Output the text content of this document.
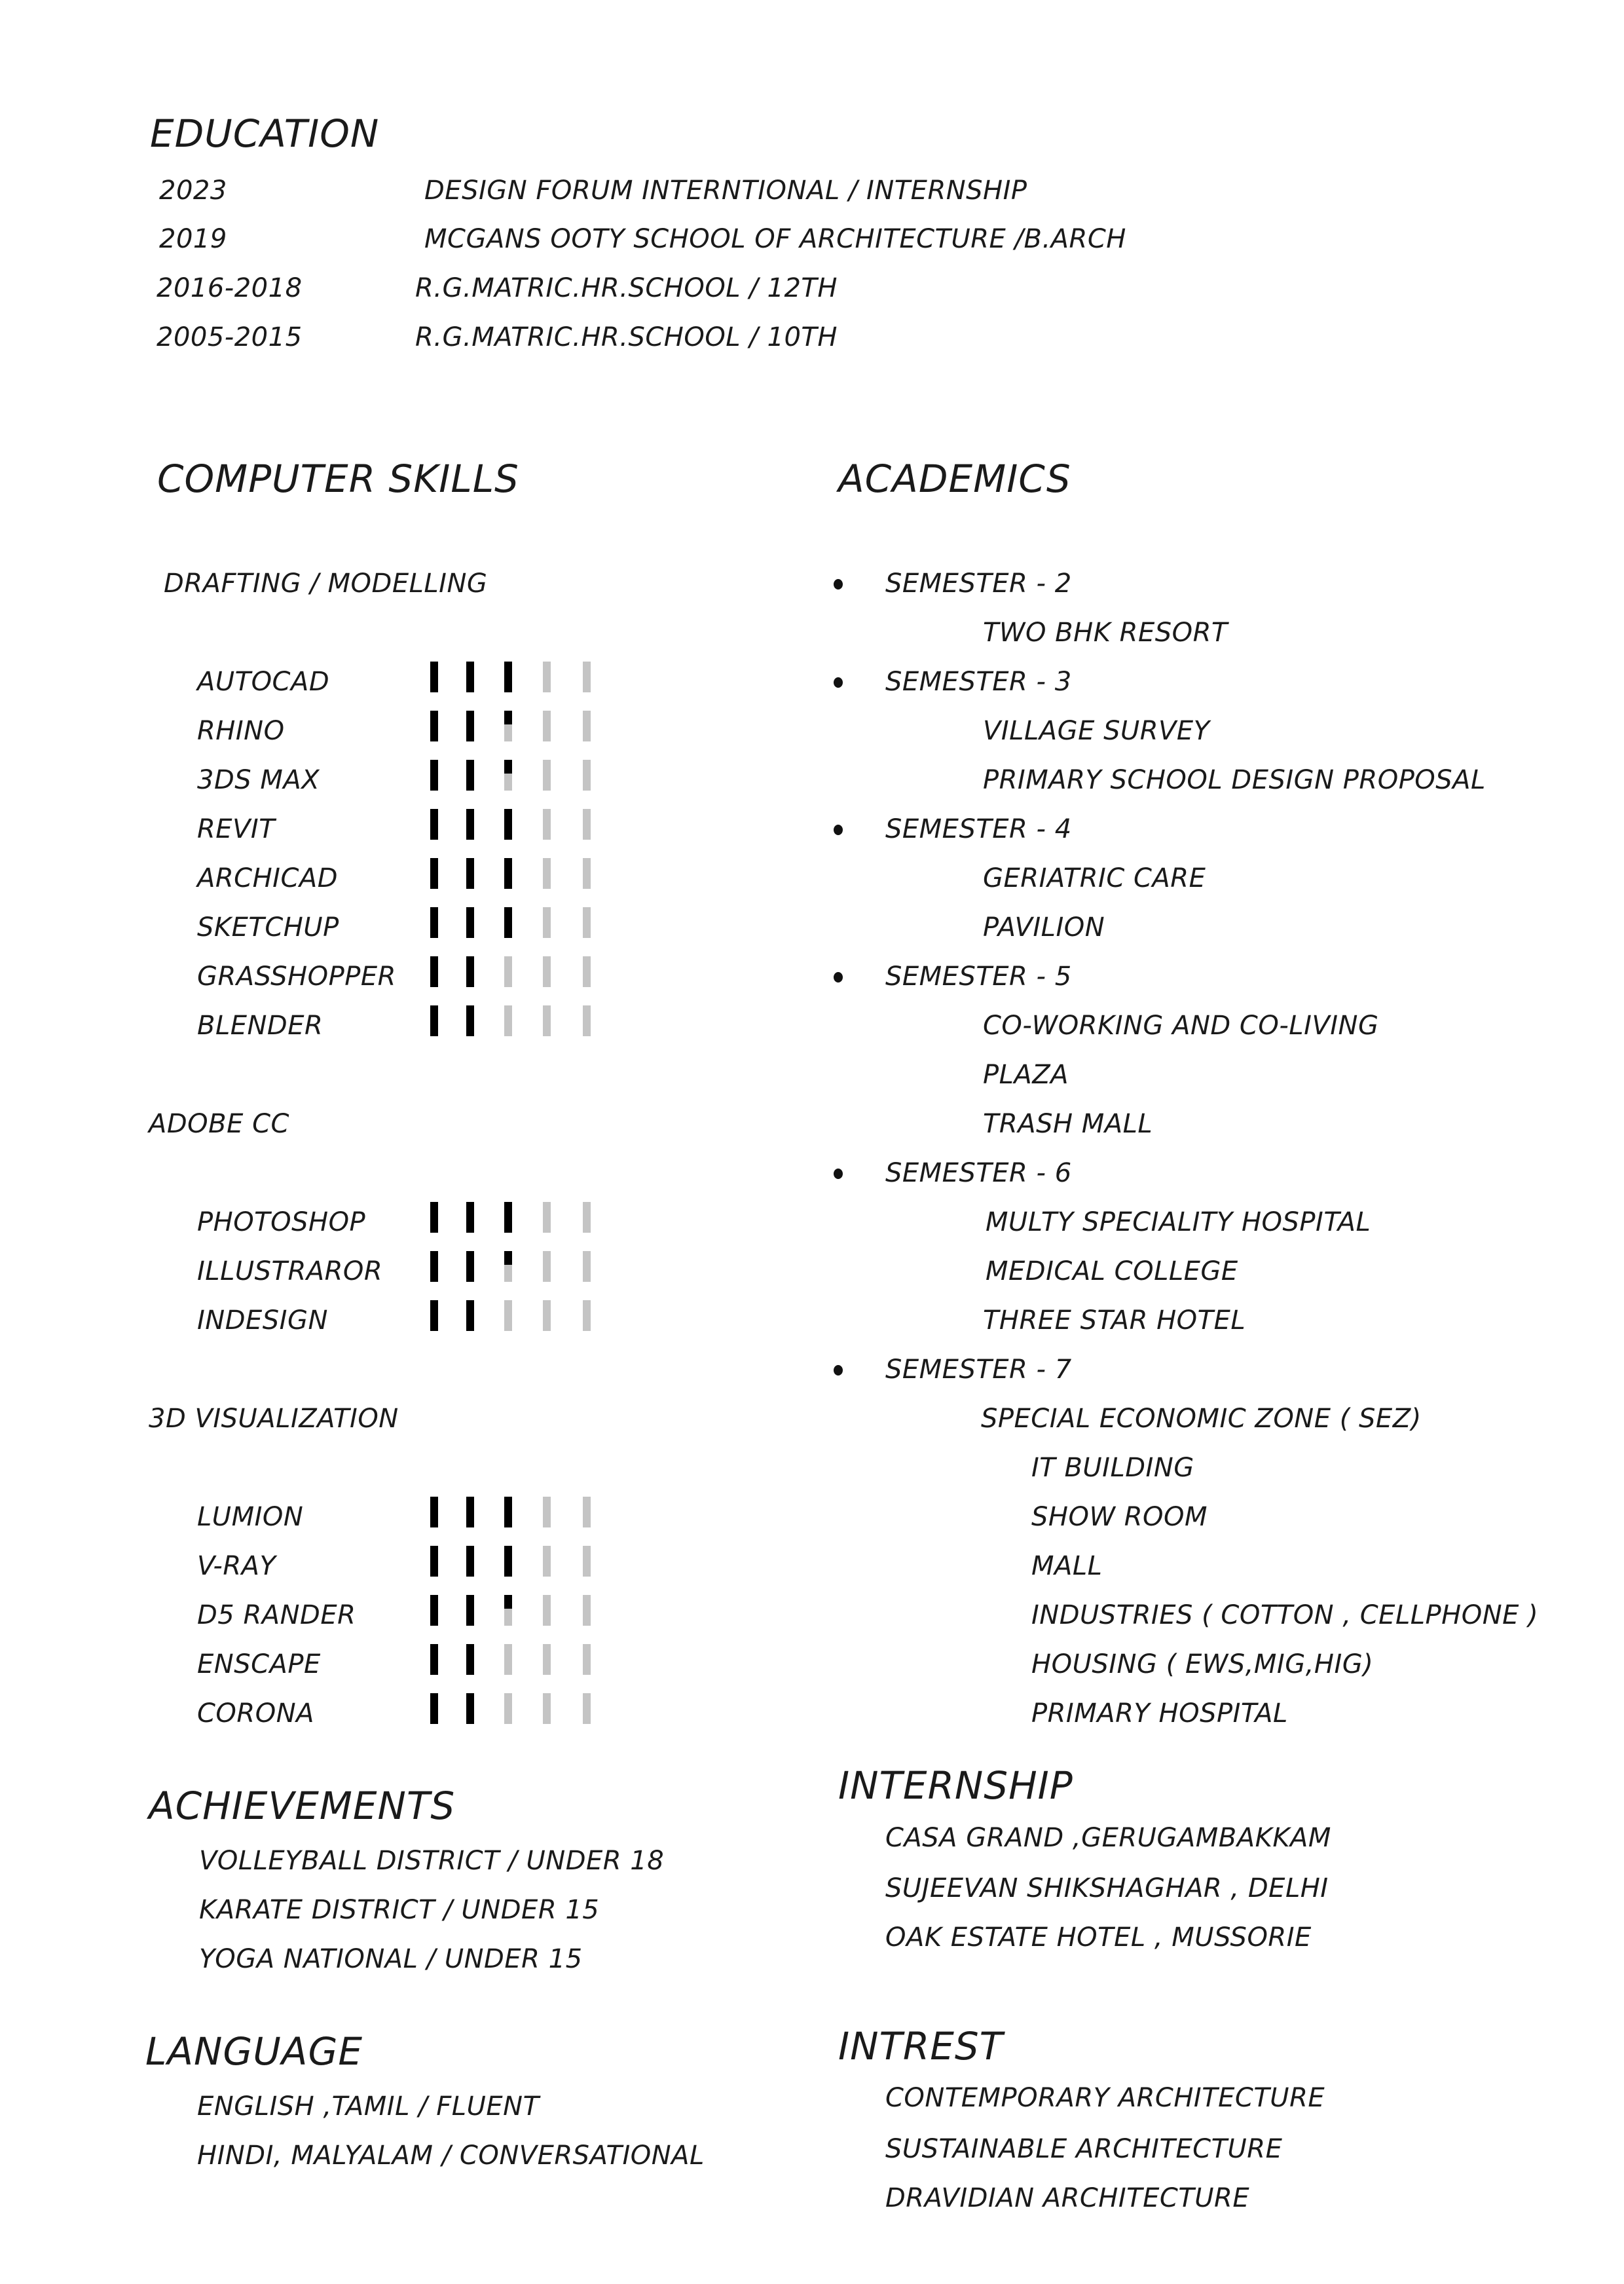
EDUCATION
2023	DESIGN FORUM INTERNTIONAL / INTERNSHIP
2019	MCGANS OOTY SCHOOL OF ARCHITECTURE /B.ARCH
2016-2018	R.G.MATRIC.HR.SCHOOL / 12TH
2005-2015	R.G.MATRIC.HR.SCHOOL / 10TH
COMPUTER SKILLS
DRAFTING / MODELLING
AUTOCAD
RHINO
3DS MAX
REVIT
ARCHICAD
SKETCHUP
GRASSHOPPER
BLENDER
ADOBE CC
PHOTOSHOP
ILLUSTRAROR
INDESIGN
3D VISUALIZATION
LUMION
V-RAY
D5 RANDER
ENSCAPE
CORONA
ACADEMICS
SEMESTER - 2
TWO BHK RESORT
SEMESTER - 3
VILLAGE SURVEY
PRIMARY SCHOOL DESIGN PROPOSAL
SEMESTER - 4
GERIATRIC CARE
PAVILION
SEMESTER - 5
CO-WORKING AND CO-LIVING
PLAZA
TRASH MALL
SEMESTER - 6
MULTY SPECIALITY HOSPITAL
MEDICAL COLLEGE
THREE STAR HOTEL
SEMESTER - 7
SPECIAL ECONOMIC ZONE ( SEZ)
IT BUILDING
SHOW ROOM
MALL
INDUSTRIES ( COTTON , CELLPHONE )
HOUSING ( EWS,MIG,HIG)
PRIMARY HOSPITAL
ACHIEVEMENTS
VOLLEYBALL DISTRICT / UNDER 18
KARATE DISTRICT / UNDER 15
YOGA NATIONAL / UNDER 15
INTERNSHIP
CASA GRAND ,GERUGAMBAKKAM
SUJEEVAN SHIKSHAGHAR , DELHI
OAK ESTATE HOTEL , MUSSORIE
LANGUAGE
ENGLISH ,TAMIL / FLUENT
HINDI, MALYALAM / CONVERSATIONAL
INTREST
CONTEMPORARY ARCHITECTURE
SUSTAINABLE ARCHITECTURE
DRAVIDIAN ARCHITECTURE
